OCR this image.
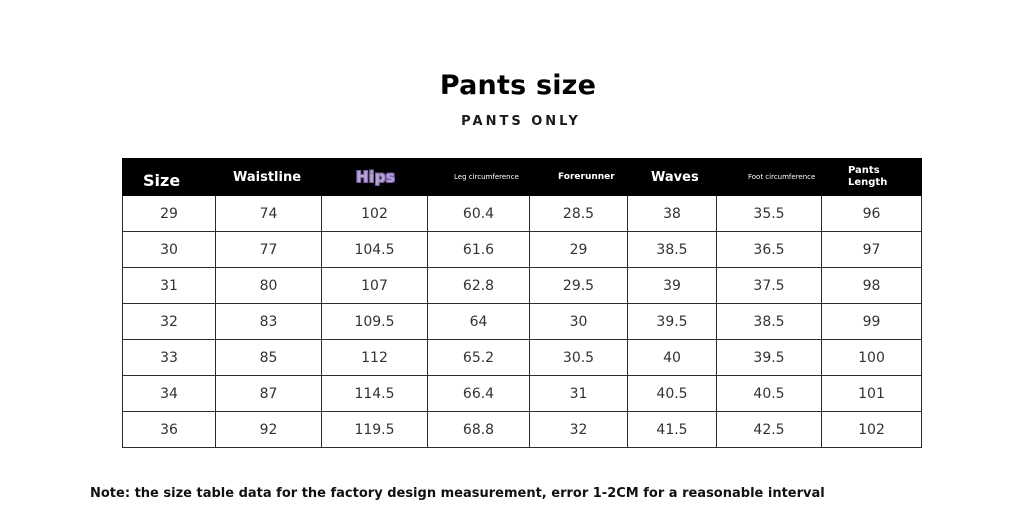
Pants size
PANTS ONLY
Size	Waistline	Hips	Leg circumference	Forerunner	Waves	Foot circumference	Pants Length
29	74	102	60.4	28.5	38	35.5	96
30	77	104.5	61.6	29	38.5	36.5	97
31	80	107	62.8	29.5	39	37.5	98
32	83	109.5	64	30	39.5	38.5	99
33	85	112	65.2	30.5	40	39.5	100
34	87	114.5	66.4	31	40.5	40.5	101
36	92	119.5	68.8	32	41.5	42.5	102
Note: the size table data for the factory design measurement, error 1-2CM for a reasonable interval
